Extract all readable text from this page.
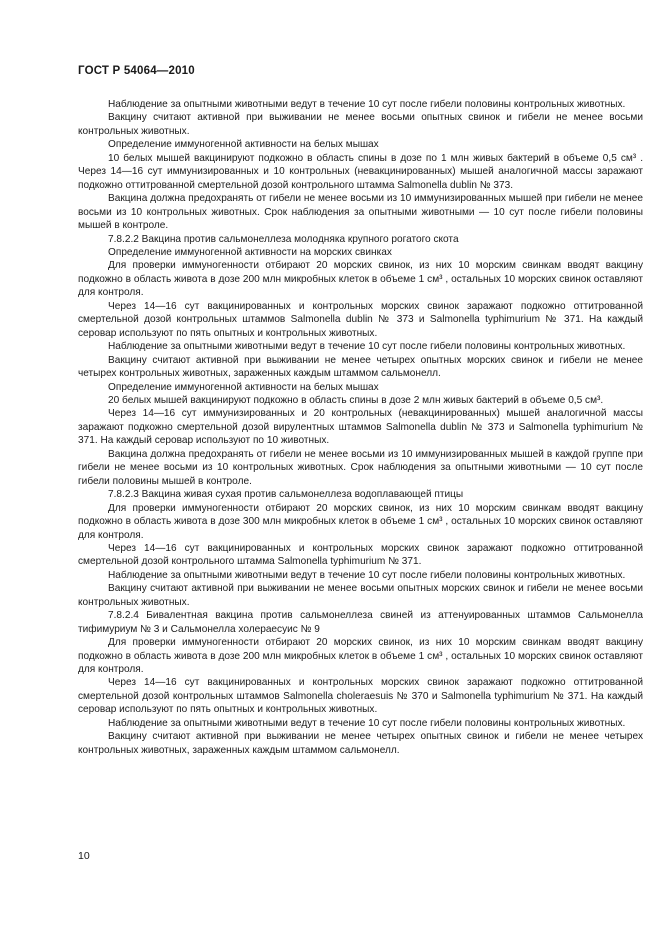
ГОСТ Р 54064—2010

Наблюдение за опытными животными ведут в течение 10 сут после гибели половины контрольных животных.

Вакцину считают активной при выживании не менее восьми опытных свинок и гибели не менее восьми контрольных животных.

Определение иммуногенной активности на белых мышах

10 белых мышей вакцинируют подкожно в область спины в дозе по 1 млн живых бактерий в объеме 0,5 см³ . Через 14—16 сут иммунизированных и 10 контрольных (невакцинированных) мышей аналогичной массы заражают подкожно оттитрованной смертельной дозой контрольного штамма Salmonella dublin № 373.

Вакцина должна предохранять от гибели не менее восьми из 10 иммунизированных мышей при гибели не менее восьми из 10 контрольных животных. Срок наблюдения за опытными животными — 10 сут после гибели половины мышей в контроле.

7.8.2.2 Вакцина против сальмонеллеза молодняка крупного рогатого скота

Определение иммуногенной активности на морских свинках

Для проверки иммуногенности отбирают 20 морских свинок, из них 10 морским свинкам вводят вакцину подкожно в область живота в дозе 200 млн микробных клеток в объеме 1 см³ , остальных 10 морских свинок оставляют для контроля.

Через 14—16 сут вакцинированных и контрольных морских свинок заражают подкожно оттитрованной смертельной дозой контрольных штаммов Salmonella dublin № 373 и Salmonella typhimurium № 371. На каждый серовар используют по пять опытных и контрольных животных.

Наблюдение за опытными животными ведут в течение 10 сут после гибели половины контрольных животных.

Вакцину считают активной при выживании не менее четырех опытных морских свинок и гибели не менее четырех контрольных животных, зараженных каждым штаммом сальмонелл.

Определение иммуногенной активности на белых мышах

20 белых мышей вакцинируют подкожно в область спины в дозе 2 млн живых бактерий в объеме 0,5 см³.

Через 14—16 сут иммунизированных и 20 контрольных (невакцинированных) мышей аналогичной массы заражают подкожно смертельной дозой вирулентных штаммов Salmonella dublin № 373 и Salmonella typhimurium № 371. На каждый серовар используют по 10 животных.

Вакцина должна предохранять от гибели не менее восьми из 10 иммунизированных мышей в каждой группе при гибели не менее восьми из 10 контрольных животных. Срок наблюдения за опытными животными — 10 сут после гибели половины мышей в контроле.

7.8.2.3 Вакцина живая сухая против сальмонеллеза водоплавающей птицы

Для проверки иммуногенности отбирают 20 морских свинок, из них 10 морским свинкам вводят вакцину подкожно в область живота в дозе 300 млн микробных клеток в объеме 1 см³ , остальных 10 морских свинок оставляют для контроля.

Через 14—16 сут вакцинированных и контрольных морских свинок заражают подкожно оттитрованной смертельной дозой контрольного штамма Salmonella typhimurium № 371.

Наблюдение за опытными животными ведут в течение 10 сут после гибели половины контрольных животных.

Вакцину считают активной при выживании не менее восьми опытных морских свинок и гибели не менее восьми контрольных животных.

7.8.2.4 Бивалентная вакцина против сальмонеллеза свиней из аттенуированных штаммов Сальмонелла тифимуриум № 3 и Сальмонелла холерaесуис № 9

Для проверки иммуногенности отбирают 20 морских свинок, из них 10 морским свинкам вводят вакцину подкожно в область живота в дозе 200 млн микробных клеток в объеме 1 см³ , остальных 10 морских свинок оставляют для контроля.

Через 14—16 сут вакцинированных и контрольных морских свинок заражают подкожно оттитрованной смертельной дозой контрольных штаммов Salmonella choleraesuis № 370 и Salmonella typhimurium № 371. На каждый серовар используют по пять опытных и контрольных животных.

Наблюдение за опытными животными ведут в течение 10 сут после гибели половины контрольных животных.

Вакцину считают активной при выживании не менее четырех опытных свинок и гибели не менее четырех контрольных животных, зараженных каждым штаммом сальмонелл.

10
